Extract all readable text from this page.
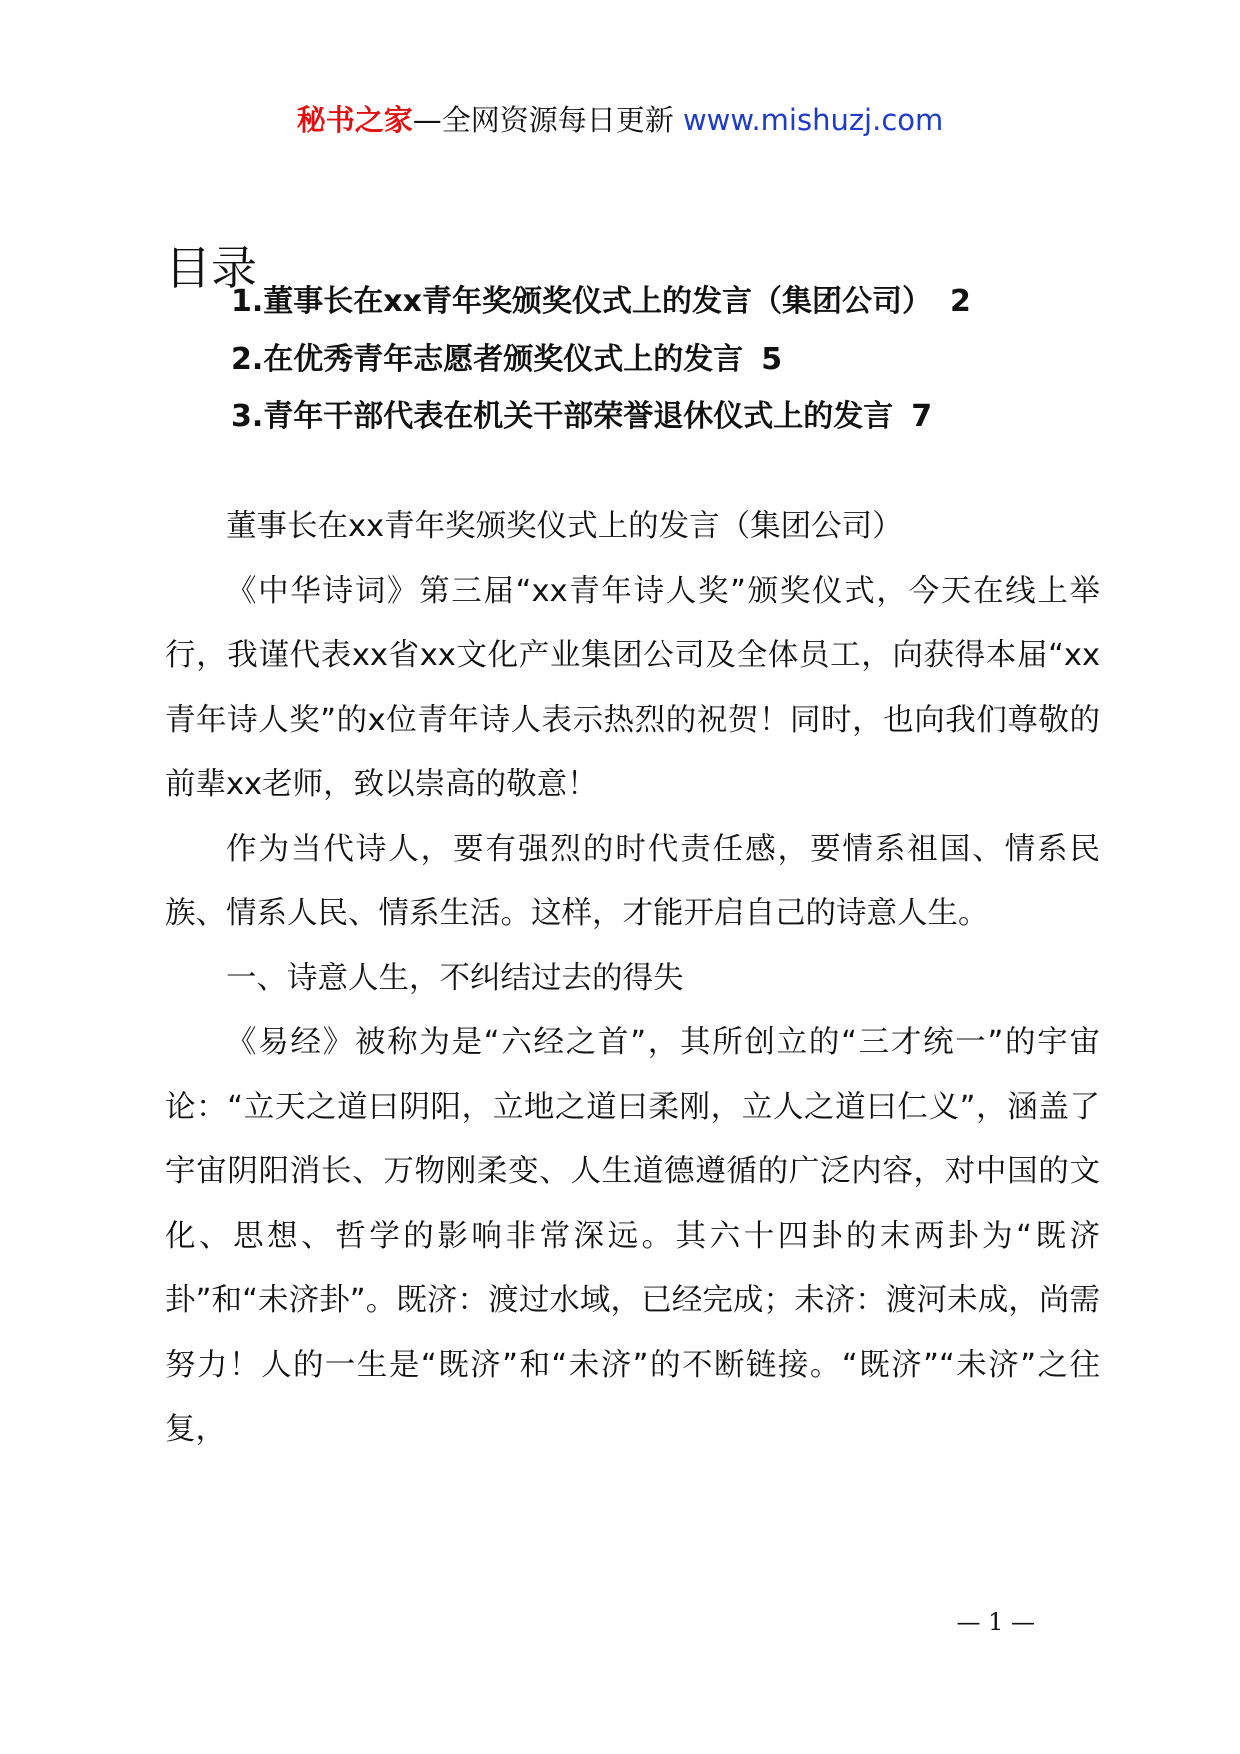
秘书之家—全网资源每日更新 www.mishuzj.com
目录
1.董事长在xx青年奖颁奖仪式上的发言（集团公司） 2
2.在优秀青年志愿者颁奖仪式上的发言 5
3.青年干部代表在机关干部荣誉退休仪式上的发言 7

董事长在xx青年奖颁奖仪式上的发言（集团公司）

《中华诗词》第三届“xx青年诗人奖”颁奖仪式，今天在线上举行，我谨代表xx省xx文化产业集团公司及全体员工，向获得本届“xx青年诗人奖”的x位青年诗人表示热烈的祝贺！同时，也向我们尊敬的前辈xx老师，致以崇高的敬意！

作为当代诗人，要有强烈的时代责任感，要情系祖国、情系民族、情系人民、情系生活。这样，才能开启自己的诗意人生。

一、诗意人生，不纠结过去的得失

《易经》被称为是“六经之首”，其所创立的“三才统一”的宇宙论：“立天之道曰阴阳，立地之道曰柔刚，立人之道曰仁义”，涵盖了宇宙阴阳消长、万物刚柔变、人生道德遵循的广泛内容，对中国的文化、思想、哲学的影响非常深远。其六十四卦的末两卦为“既济卦”和“未济卦”。既济：渡过水域，已经完成；未济：渡河未成，尚需努力！人的一生是“既济”和“未济”的不断链接。“既济”“未济”之往复，

— 1 —
